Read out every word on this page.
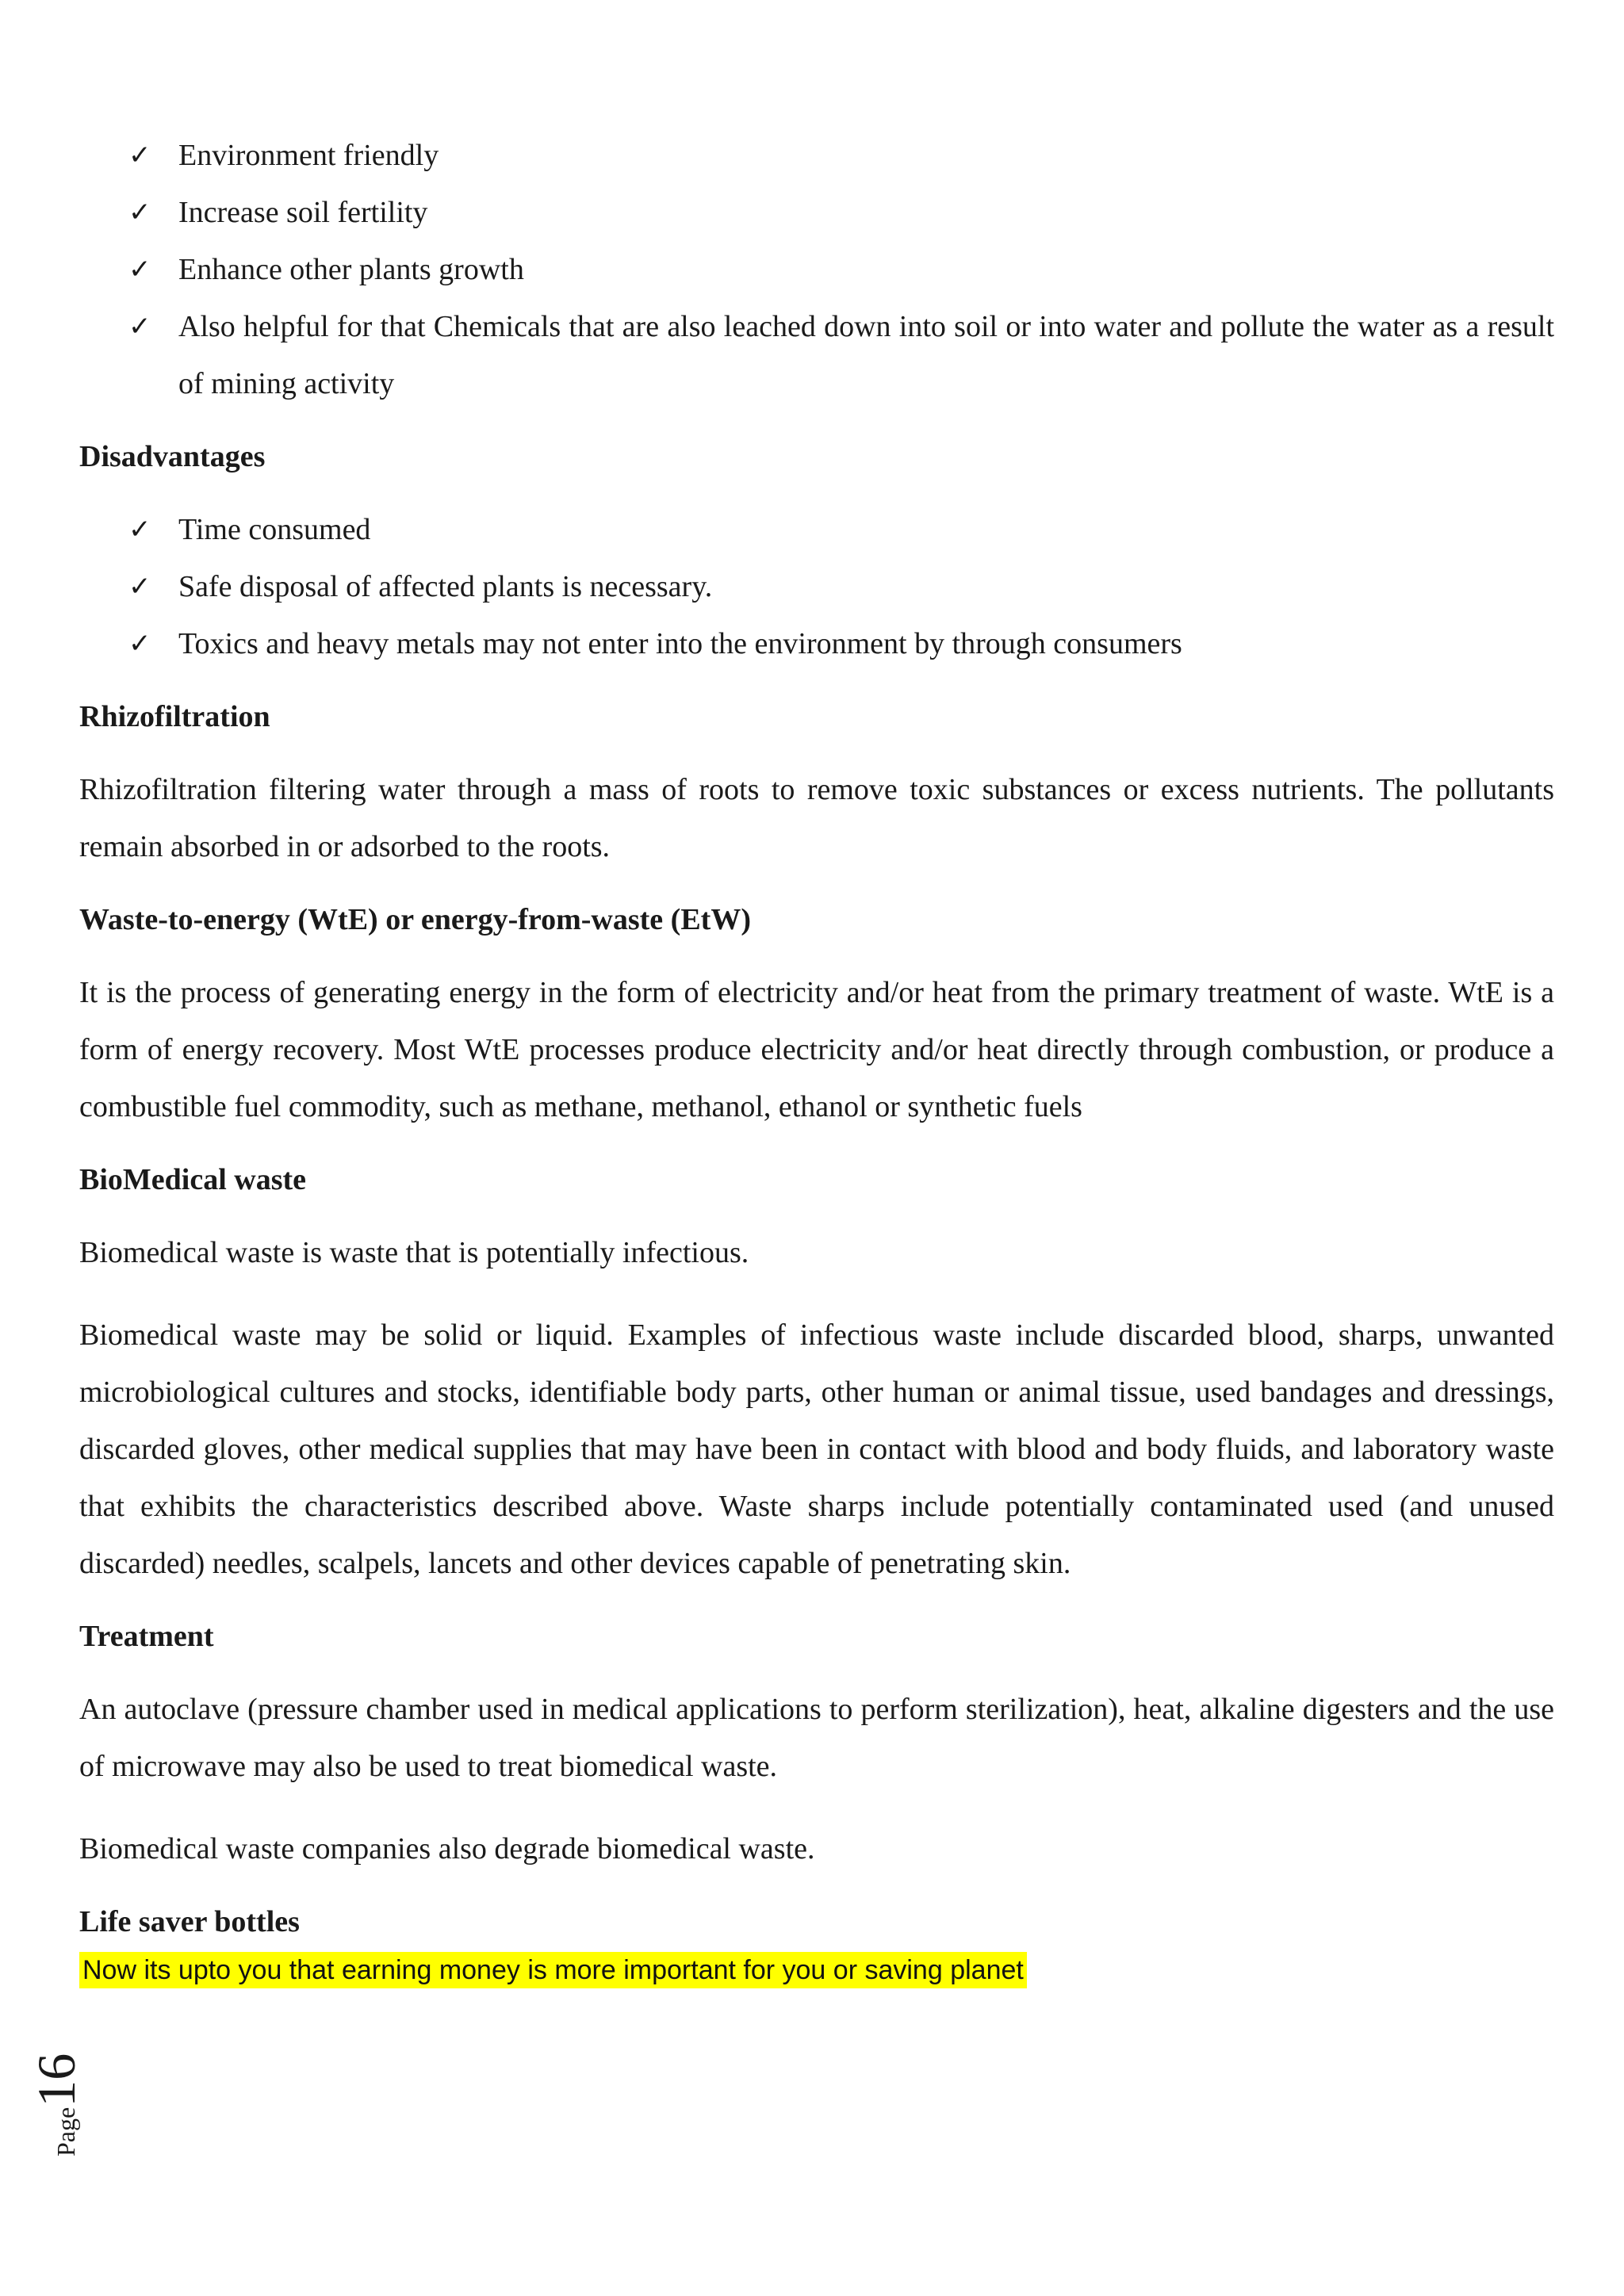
✓ Environment friendly
✓ Increase soil fertility
✓ Enhance other plants growth
✓ Also helpful for that Chemicals that are also leached down into soil or into water and pollute the water as a result of mining activity
Disadvantages
✓ Time consumed
✓ Safe disposal of affected plants is necessary.
✓ Toxics and heavy metals may not enter into the environment by through consumers
Rhizofiltration

Rhizofiltration filtering water through a mass of roots to remove toxic substances or excess nutrients. The pollutants remain absorbed in or adsorbed to the roots.

Waste-to-energy (WtE) or energy-from-waste (EtW)

It is the process of generating energy in the form of electricity and/or heat from the primary treatment of waste. WtE is a form of energy recovery. Most WtE processes produce electricity and/or heat directly through combustion, or produce a combustible fuel commodity, such as methane, methanol, ethanol or synthetic fuels

BioMedical waste

Biomedical waste is waste that is potentially infectious.

Biomedical waste may be solid or liquid. Examples of infectious waste include discarded blood, sharps, unwanted microbiological cultures and stocks, identifiable body parts, other human or animal tissue, used bandages and dressings, discarded gloves, other medical supplies that may have been in contact with blood and body fluids, and laboratory waste that exhibits the characteristics described above. Waste sharps include potentially contaminated used (and unused discarded) needles, scalpels, lancets and other devices capable of penetrating skin.

Treatment

An autoclave (pressure chamber used in medical applications to perform sterilization), heat, alkaline digesters and the use of microwave may also be used to treat biomedical waste.

Biomedical waste companies also degrade biomedical waste.

Life saver bottles
Now its upto you that earning money is more important for you or saving planet
Page16
